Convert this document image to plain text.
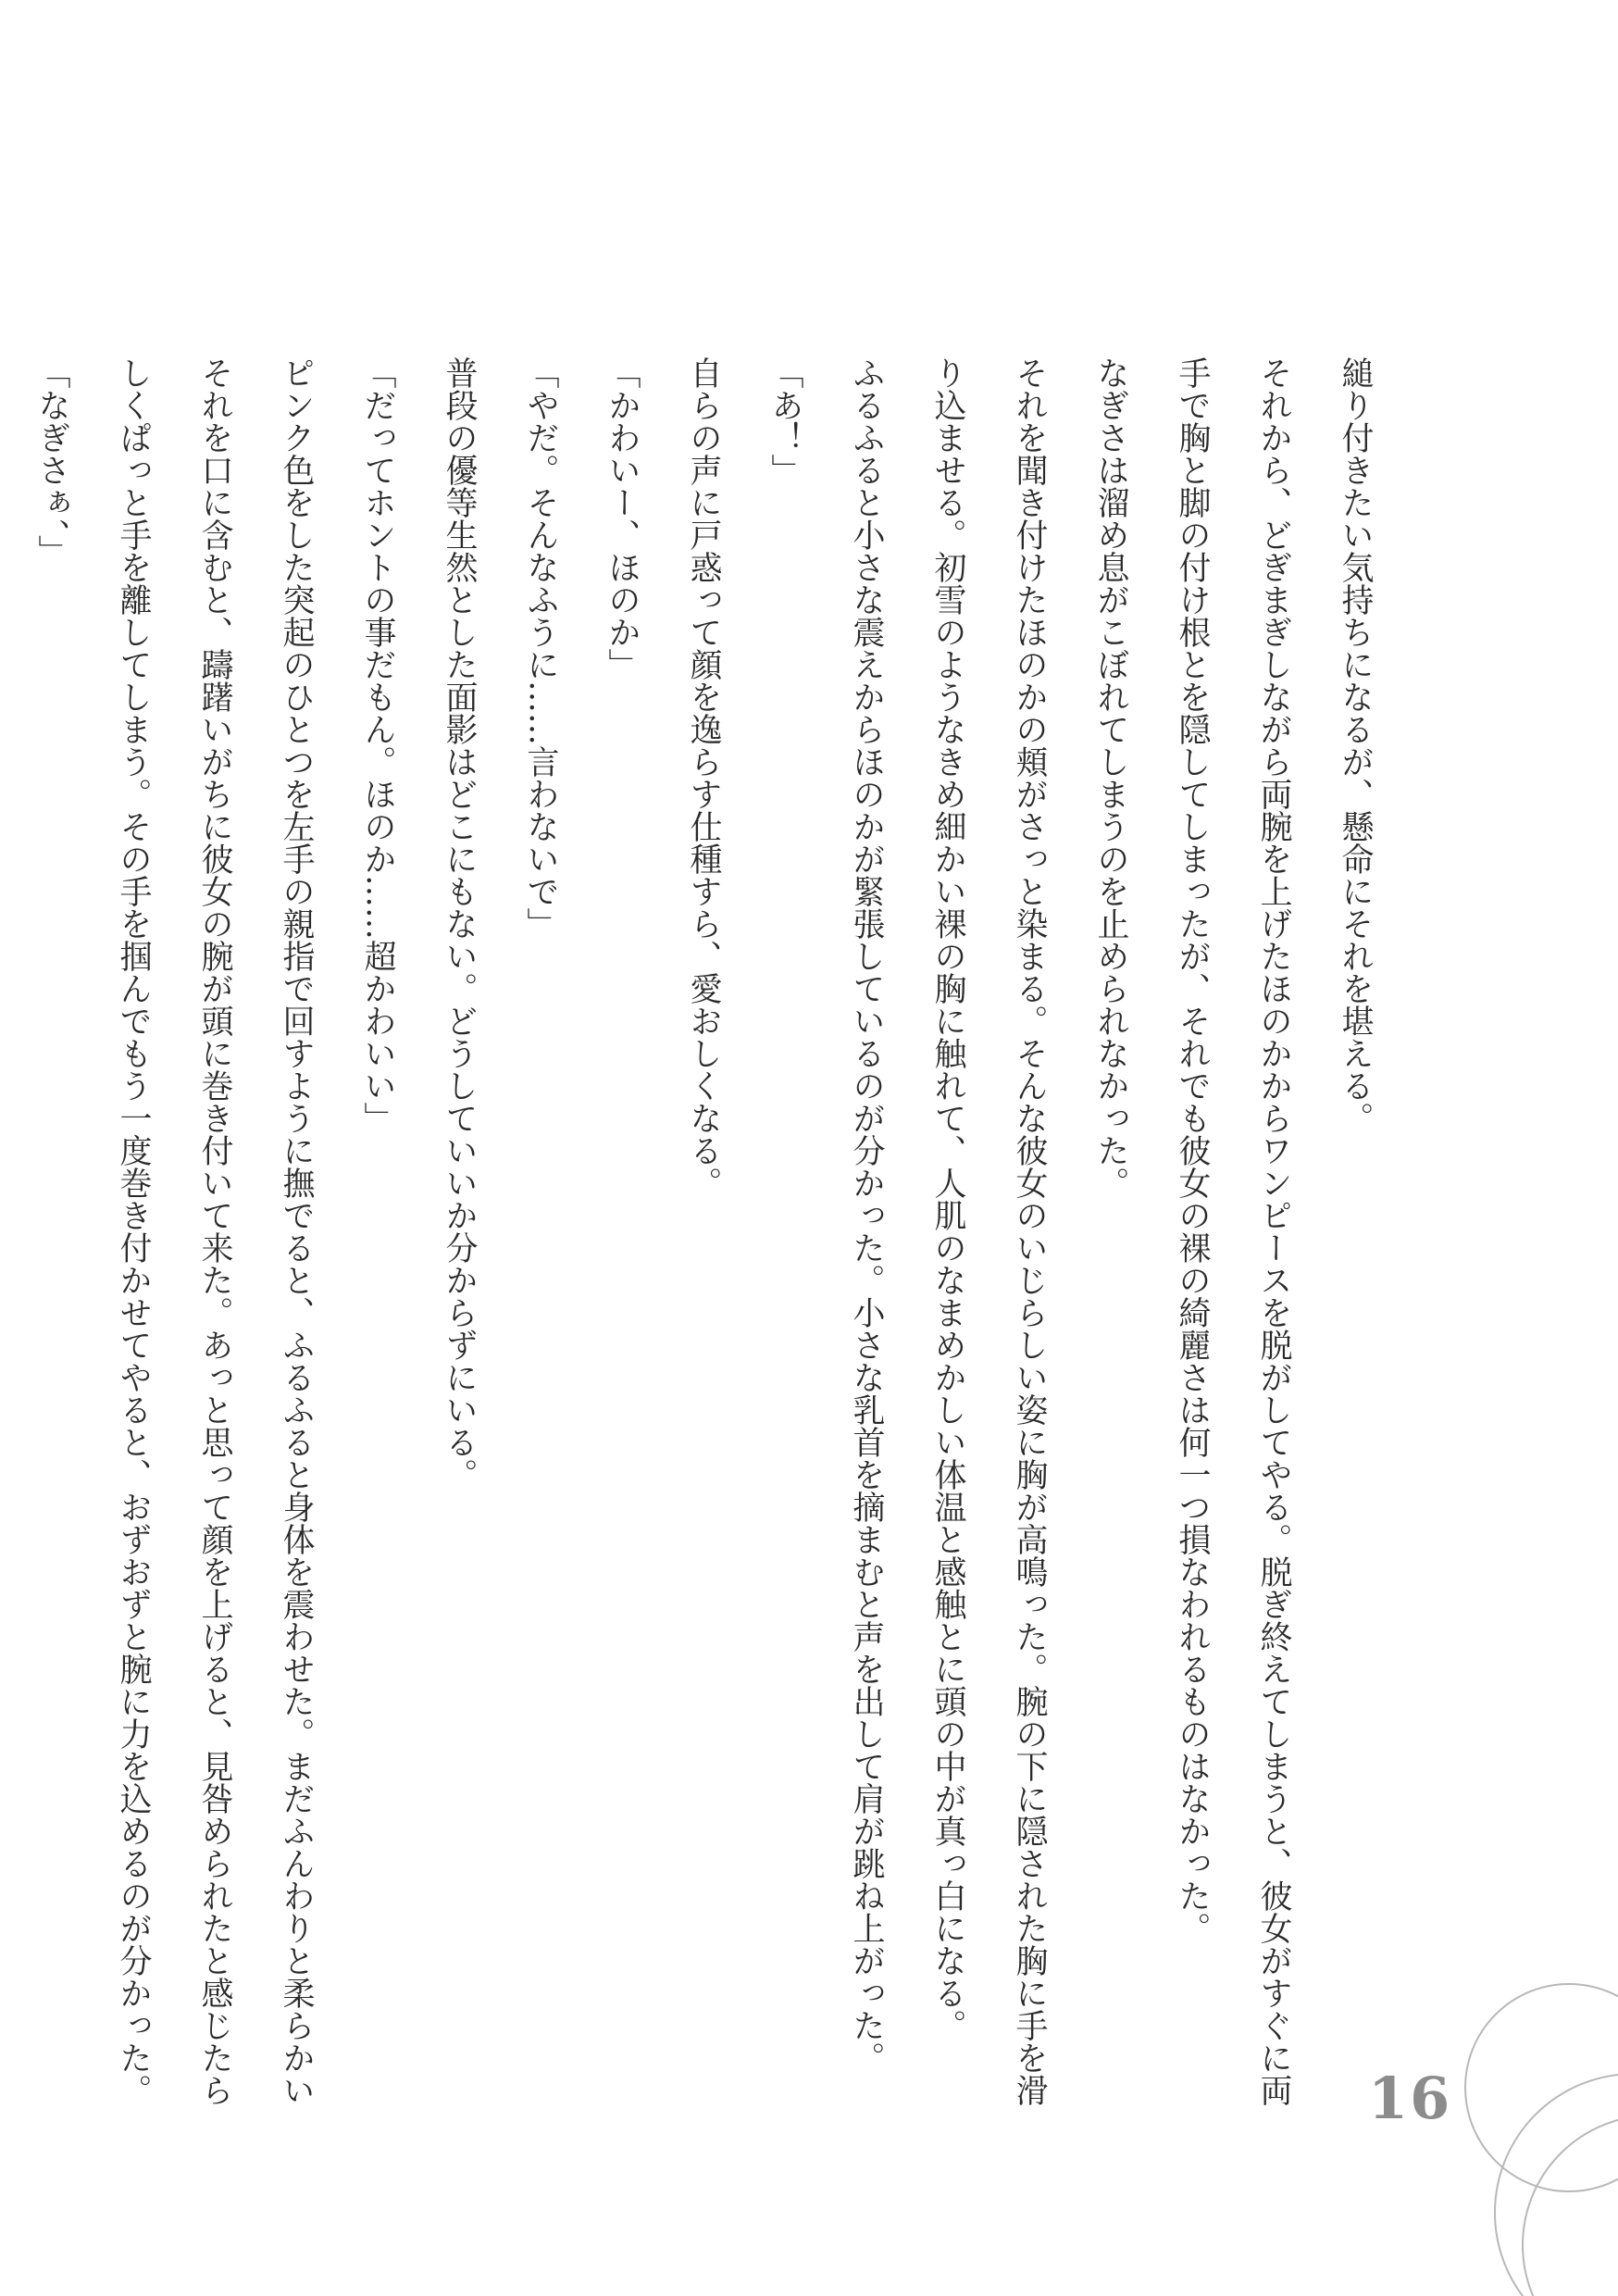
縋り付きたい気持ちになるが、懸命にそれを堪える。

それから、どぎまぎしながら両腕を上げたほのかからワンピースを脱がしてやる。脱ぎ終えてしまうと、彼女がすぐに両手で胸と脚の付け根とを隠してしまったが、それでも彼女の裸の綺麗さは何一つ損なわれるものはなかった。

なぎさは溜め息がこぼれてしまうのを止められなかった。

それを聞き付けたほのかの頬がさっと染まる。そんな彼女のいじらしい姿に胸が高鳴った。腕の下に隠された胸に手を滑り込ませる。初雪のようなきめ細かい裸の胸に触れて、人肌のなまめかしい体温と感触とに頭の中が真っ白になる。

ふるふると小さな震えからほのかが緊張しているのが分かった。小さな乳首を摘まむと声を出して肩が跳ね上がった。

「あ！」

自らの声に戸惑って顔を逸らす仕種すら、愛おしくなる。

「かわいー、ほのか」

「やだ。そんなふうに……言わないで」

普段の優等生然とした面影はどこにもない。どうしていいか分からずにいる。

「だってホントの事だもん。ほのか……超かわいい」

ピンク色をした突起のひとつを左手の親指で回すように撫でると、ふるふると身体を震わせた。まだふんわりと柔らかいそれを口に含むと、躊躇いがちに彼女の腕が頭に巻き付いて来た。あっと思って顔を上げると、見咎められたと感じたらしくぱっと手を離してしまう。その手を掴んでもう一度巻き付かせてやると、おずおずと腕に力を込めるのが分かった。

「なぎさぁ、」

16
